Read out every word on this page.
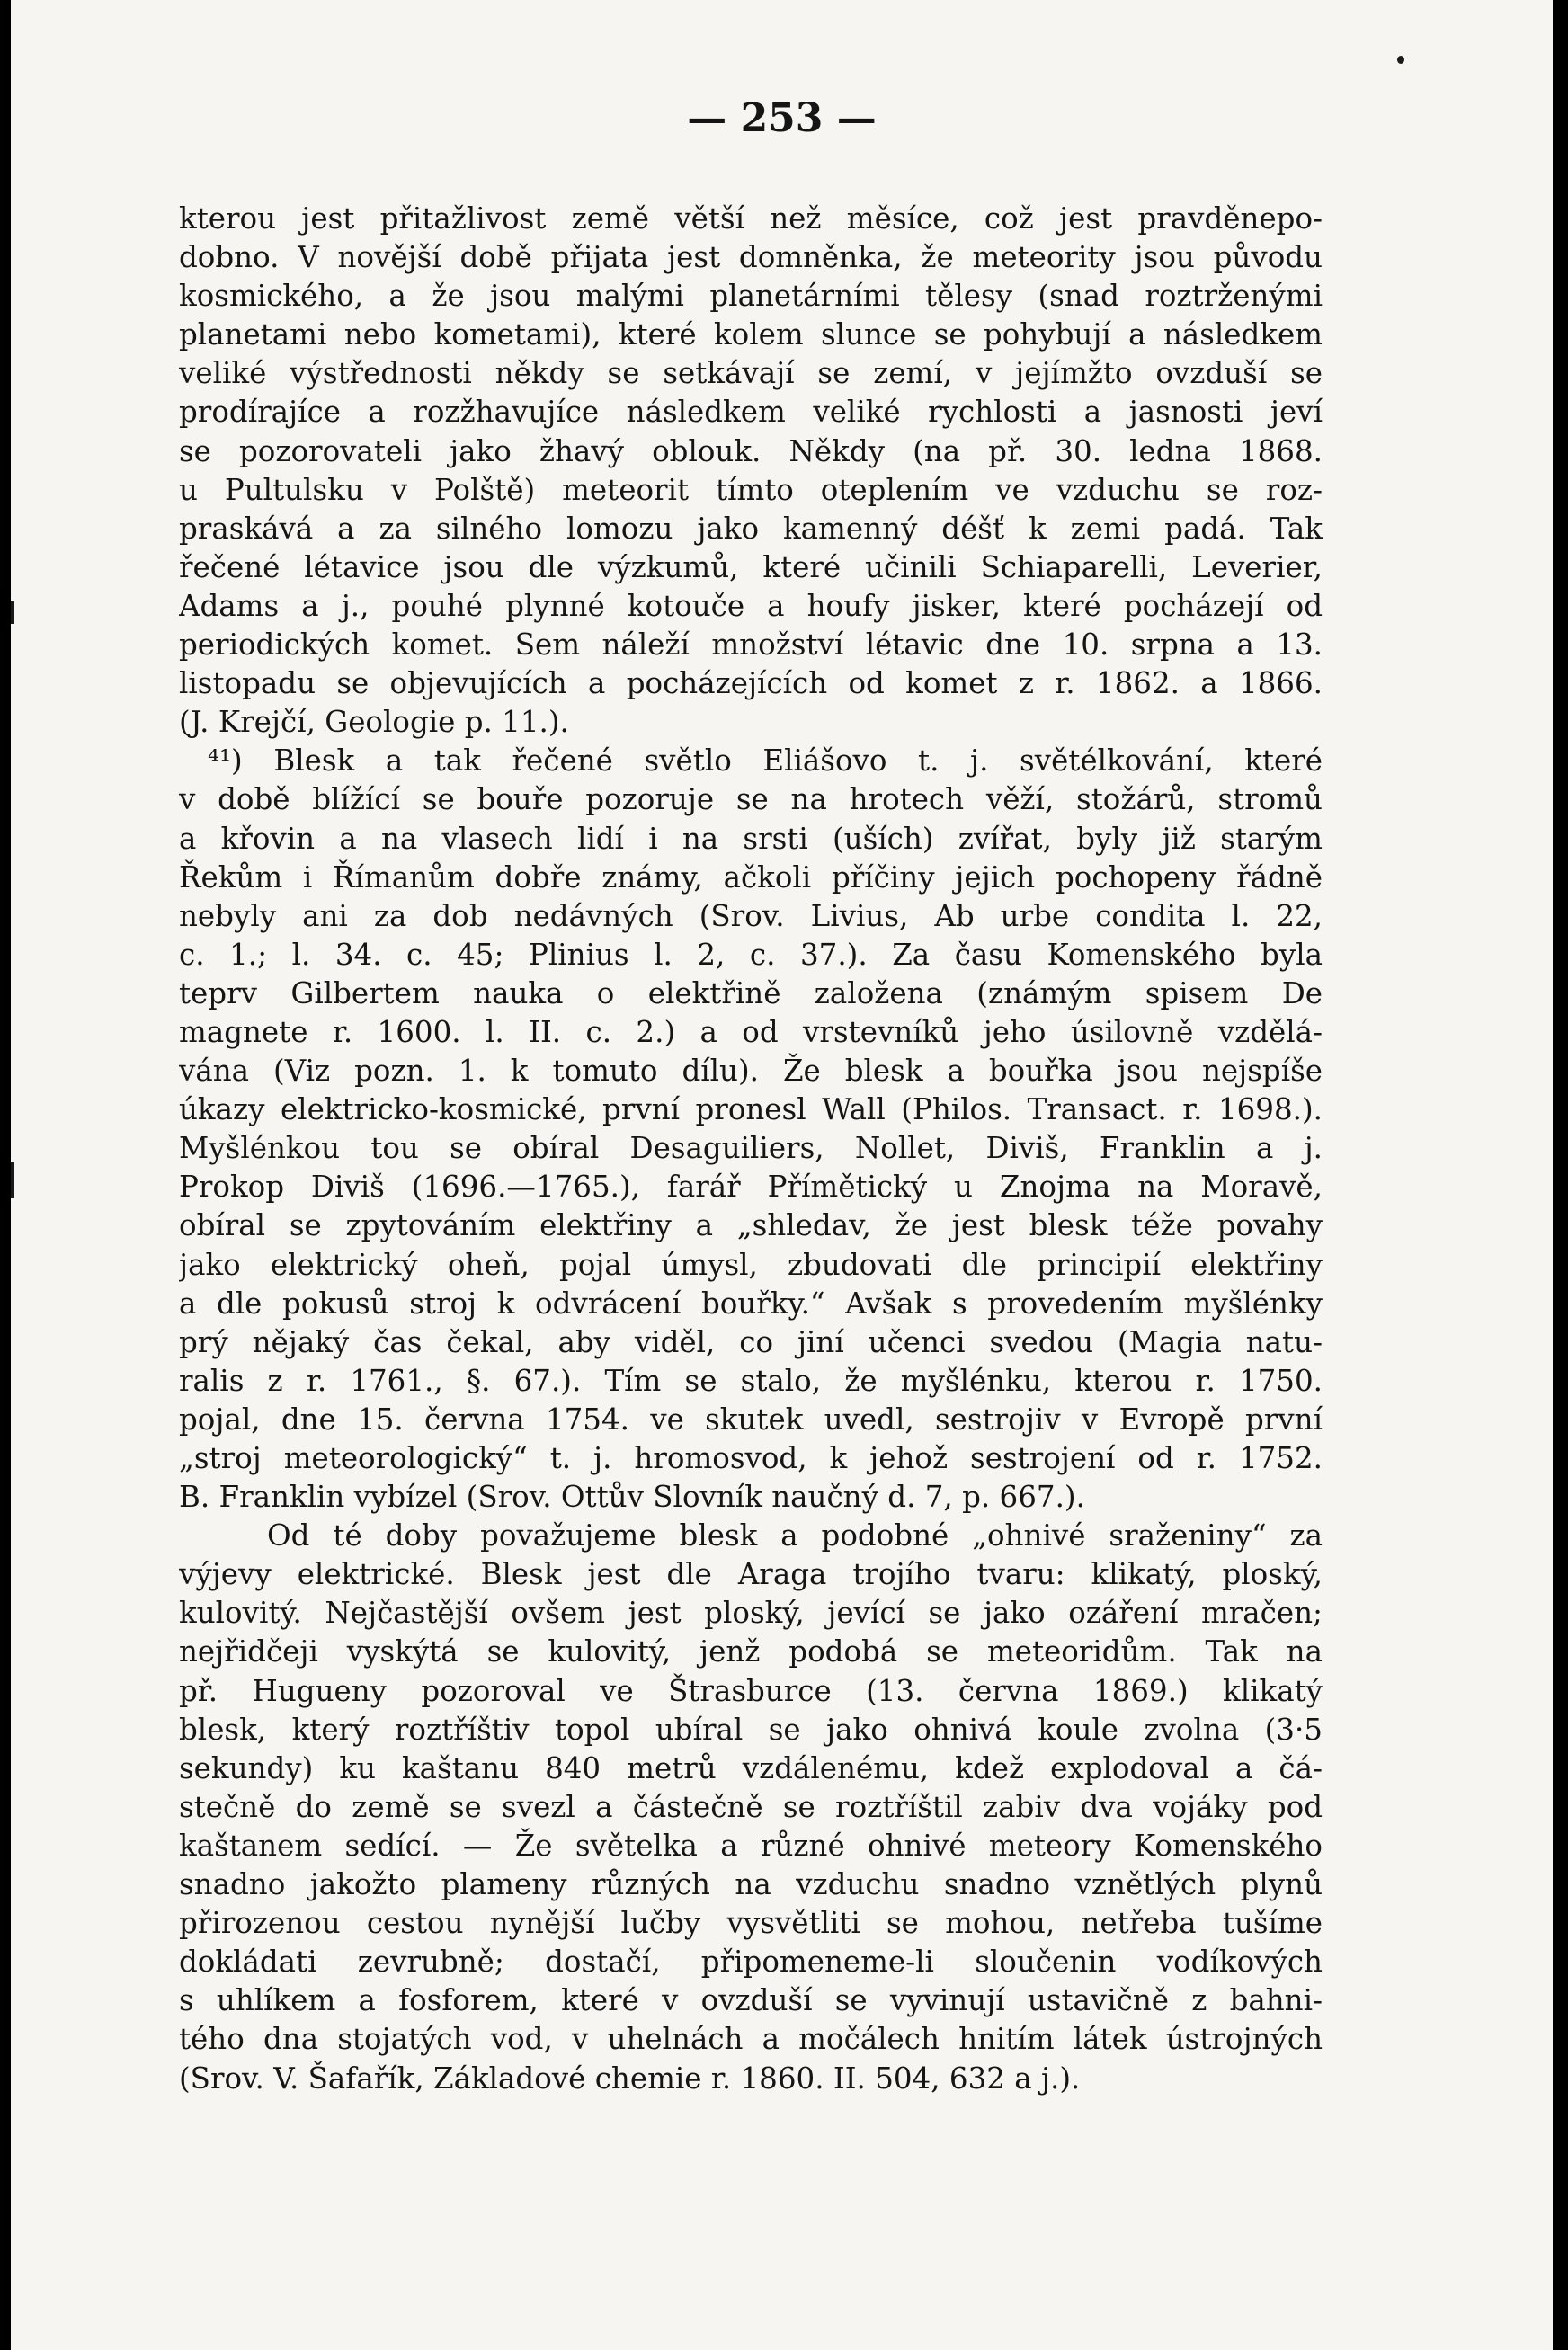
— 253 —
kterou jest přitažlivost země větší než měsíce, což jest pravděnepo-
dobno. V novější době přijata jest domněnka, že meteority jsou původu
kosmického, a že jsou malými planetárními tělesy (snad roztrženými
planetami nebo kometami), které kolem slunce se pohybují a následkem
veliké výstřednosti někdy se setkávají se zemí, v jejímžto ovzduší se
prodírajíce a rozžhavujíce následkem veliké rychlosti a jasnosti jeví
se pozorovateli jako žhavý oblouk. Někdy (na př. 30. ledna 1868.
u Pultulsku v Polště) meteorit tímto oteplením ve vzduchu se roz-
praskává a za silného lomozu jako kamenný déšť k zemi padá. Tak
řečené létavice jsou dle výzkumů, které učinili Schiaparelli, Leverier,
Adams a j., pouhé plynné kotouče a houfy jisker, které pocházejí od
periodických komet. Sem náleží množství létavic dne 10. srpna a 13.
listopadu se objevujících a pocházejících od komet z r. 1862. a 1866.
(J. Krejčí, Geologie p. 11.).
⁴¹) Blesk a tak řečené světlo Eliášovo t. j. světélkování, které
v době blížící se bouře pozoruje se na hrotech věží, stožárů, stromů
a křovin a na vlasech lidí i na srsti (uších) zvířat, byly již starým
Řekům i Římanům dobře známy, ačkoli příčiny jejich pochopeny řádně
nebyly ani za dob nedávných (Srov. Livius, Ab urbe condita l. 22,
c. 1.; l. 34. c. 45; Plinius l. 2, c. 37.). Za času Komenského byla
teprv Gilbertem nauka o elektřině založena (známým spisem De
magnete r. 1600. l. II. c. 2.) a od vrstevníků jeho úsilovně vzdělá-
vána (Viz pozn. 1. k tomuto dílu). Že blesk a bouřka jsou nejspíše
úkazy elektricko-kosmické, první pronesl Wall (Philos. Transact. r. 1698.).
Myšlénkou tou se obíral Desaguiliers, Nollet, Diviš, Franklin a j.
Prokop Diviš (1696.—1765.), farář Přímětický u Znojma na Moravě,
obíral se zpytováním elektřiny a „shledav, že jest blesk téže povahy
jako elektrický oheň, pojal úmysl, zbudovati dle principií elektřiny
a dle pokusů stroj k odvrácení bouřky.“ Avšak s provedením myšlénky
prý nějaký čas čekal, aby viděl, co jiní učenci svedou (Magia natu-
ralis z r. 1761., §. 67.). Tím se stalo, že myšlénku, kterou r. 1750.
pojal, dne 15. června 1754. ve skutek uvedl, sestrojiv v Evropě první
„stroj meteorologický“ t. j. hromosvod, k jehož sestrojení od r. 1752.
B. Franklin vybízel (Srov. Ottův Slovník naučný d. 7, p. 667.).
Od té doby považujeme blesk a podobné „ohnivé sraženiny“ za
výjevy elektrické. Blesk jest dle Araga trojího tvaru: klikatý, ploský,
kulovitý. Nejčastější ovšem jest ploský, jevící se jako ozáření mračen;
nejřidčeji vyskýtá se kulovitý, jenž podobá se meteoridům. Tak na
př. Hugueny pozoroval ve Štrasburce (13. června 1869.) klikatý
blesk, který roztříštiv topol ubíral se jako ohnivá koule zvolna (3·5
sekundy) ku kaštanu 840 metrů vzdálenému, kdež explodoval a čá-
stečně do země se svezl a částečně se roztříštil zabiv dva vojáky pod
kaštanem sedící. — Že světelka a různé ohnivé meteory Komenského
snadno jakožto plameny různých na vzduchu snadno vznětlých plynů
přirozenou cestou nynější lučby vysvětliti se mohou, netřeba tušíme
dokládati zevrubně; dostačí, připomeneme-li sloučenin vodíkových
s uhlíkem a fosforem, které v ovzduší se vyvinují ustavičně z bahni-
tého dna stojatých vod, v uhelnách a močálech hnitím látek ústrojných
(Srov. V. Šafařík, Základové chemie r. 1860. II. 504, 632 a j.).
